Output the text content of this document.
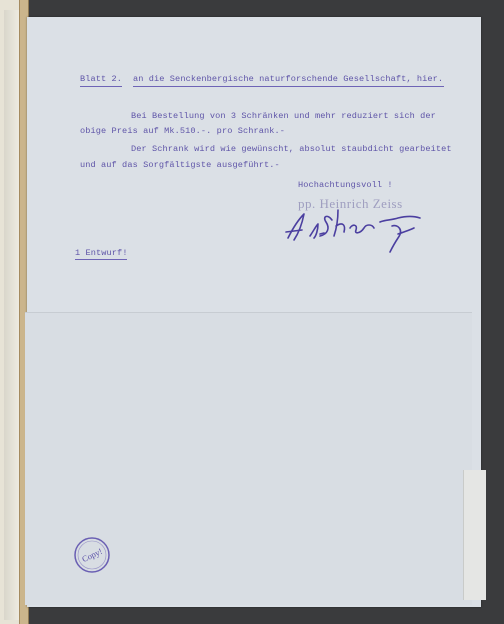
Blatt 2. an die Senckenbergische naturforschende Gesellschaft, hier.
Bei Bestellung von 3 Schränken und mehr reduziert sich der
obige Preis auf Mk.510.-. pro Schrank.-
Der Schrank wird wie gewünscht, absolut staubdicht gearbeitet
und auf das Sorgfältigste ausgeführt.-
Hochachtungsvoll !
pp. Heinrich Zeiss
1 Entwurf!
Copy!
